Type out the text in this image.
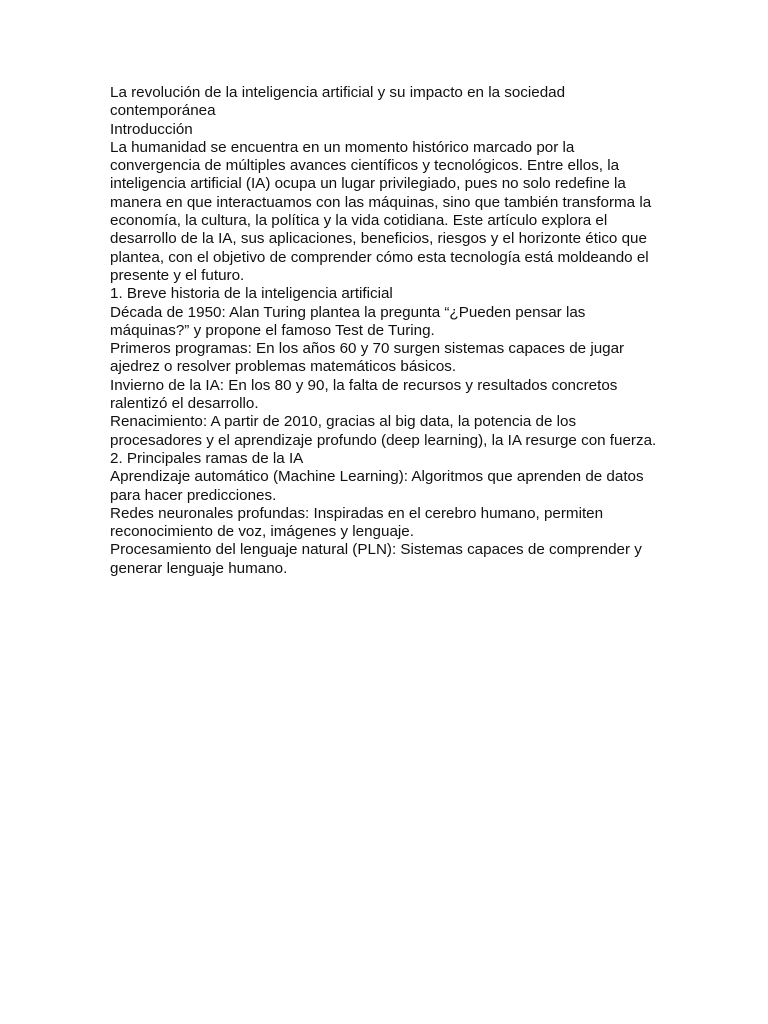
La revolución de la inteligencia artificial y su impacto en la sociedad contemporánea

Introducción

La humanidad se encuentra en un momento histórico marcado por la convergencia de múltiples avances científicos y tecnológicos. Entre ellos, la inteligencia artificial (IA) ocupa un lugar privilegiado, pues no solo redefine la manera en que interactuamos con las máquinas, sino que también transforma la economía, la cultura, la política y la vida cotidiana. Este artículo explora el desarrollo de la IA, sus aplicaciones, beneficios, riesgos y el horizonte ético que plantea, con el objetivo de comprender cómo esta tecnología está moldeando el presente y el futuro.

1. Breve historia de la inteligencia artificial

Década de 1950: Alan Turing plantea la pregunta “¿Pueden pensar las máquinas?” y propone el famoso Test de Turing.

Primeros programas: En los años 60 y 70 surgen sistemas capaces de jugar ajedrez o resolver problemas matemáticos básicos.

Invierno de la IA: En los 80 y 90, la falta de recursos y resultados concretos ralentizó el desarrollo.

Renacimiento: A partir de 2010, gracias al big data, la potencia de los procesadores y el aprendizaje profundo (deep learning), la IA resurge con fuerza.

2. Principales ramas de la IA

Aprendizaje automático (Machine Learning): Algoritmos que aprenden de datos para hacer predicciones.

Redes neuronales profundas: Inspiradas en el cerebro humano, permiten reconocimiento de voz, imágenes y lenguaje.

Procesamiento del lenguaje natural (PLN): Sistemas capaces de comprender y generar lenguaje humano.
